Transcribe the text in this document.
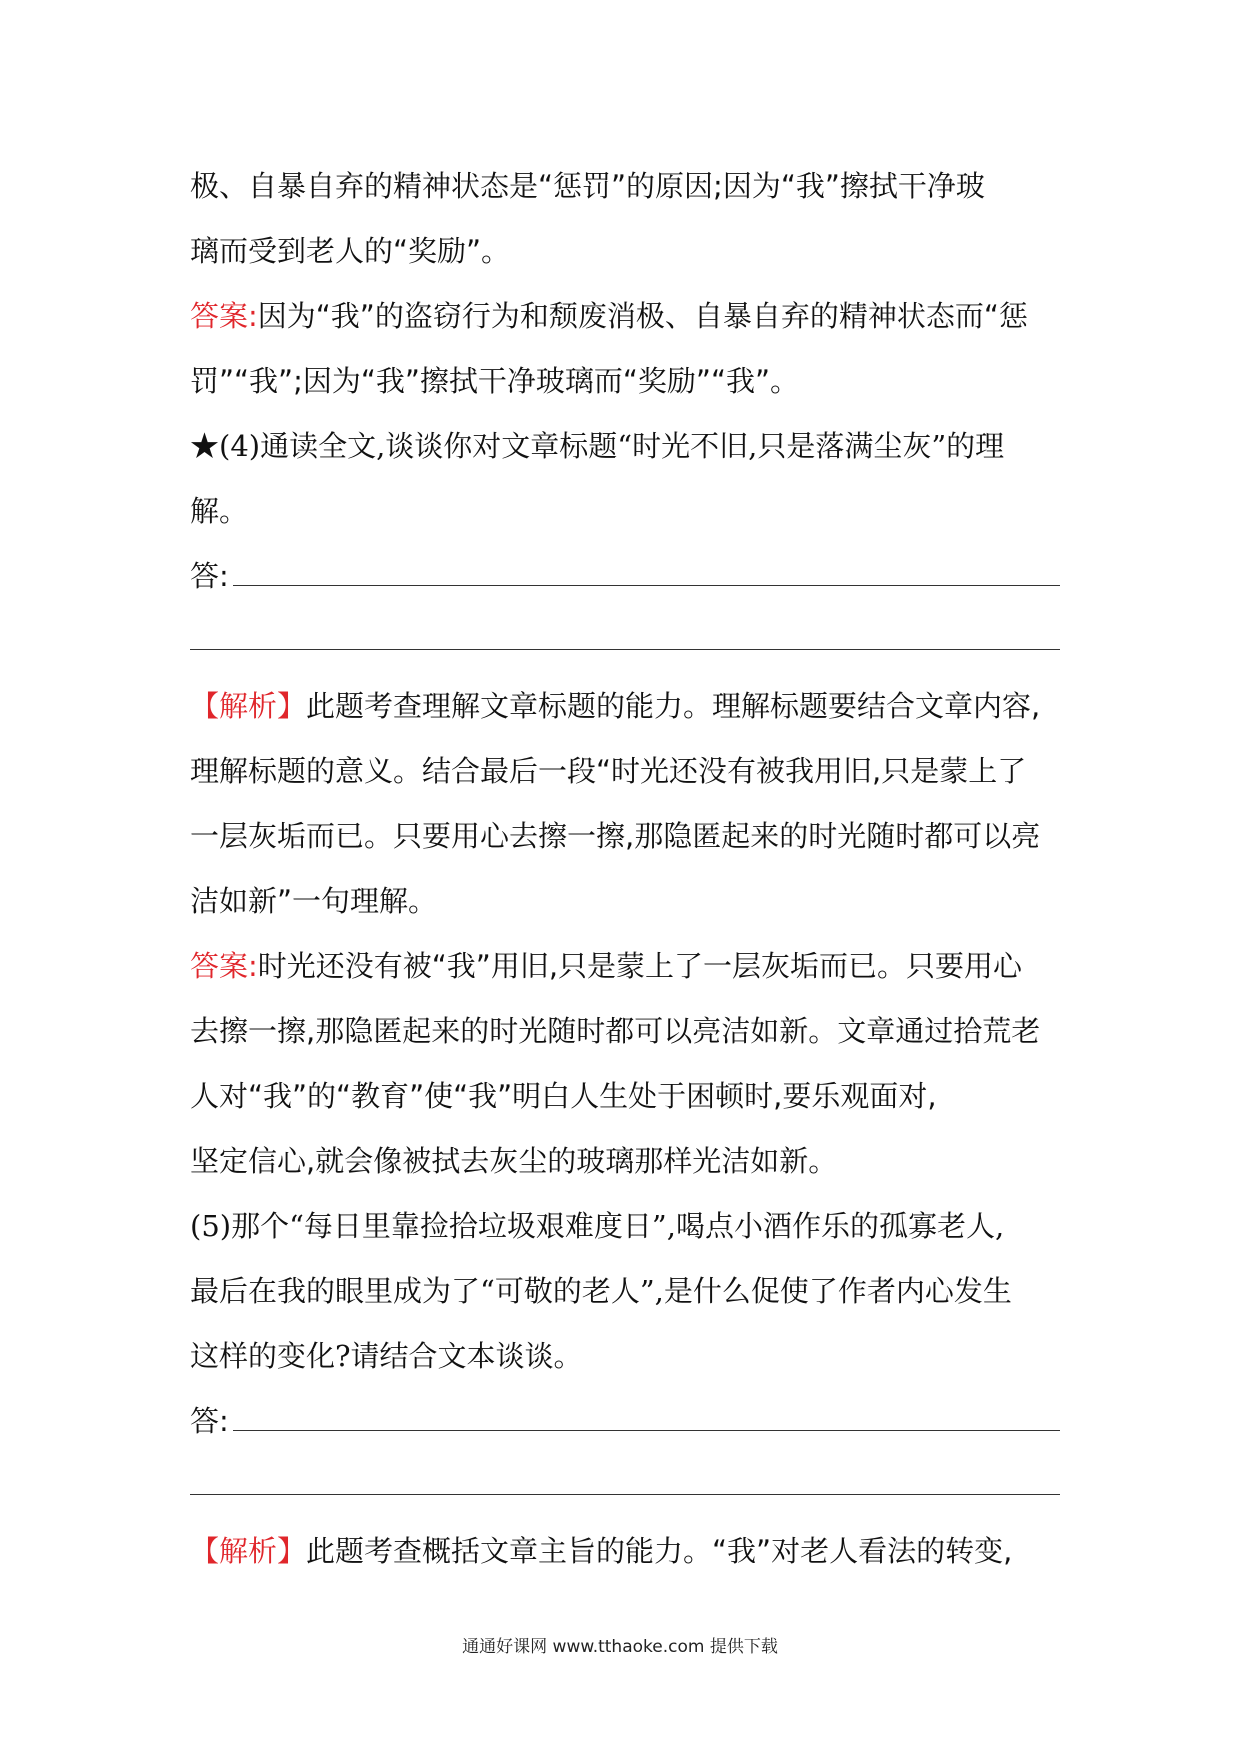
极、自暴自弃的精神状态是“惩罚”的原因;因为“我”擦拭干净玻
璃而受到老人的“奖励”。
答案:因为“我”的盗窃行为和颓废消极、自暴自弃的精神状态而“惩
罚”“我”;因为“我”擦拭干净玻璃而“奖励”“我”。
★(4)通读全文,谈谈你对文章标题“时光不旧,只是落满尘灰”的理
解。
答:
【解析】此题考查理解文章标题的能力。理解标题要结合文章内容,
理解标题的意义。结合最后一段“时光还没有被我用旧,只是蒙上了
一层灰垢而已。只要用心去擦一擦,那隐匿起来的时光随时都可以亮
洁如新”一句理解。
答案:时光还没有被“我”用旧,只是蒙上了一层灰垢而已。只要用心
去擦一擦,那隐匿起来的时光随时都可以亮洁如新。文章通过拾荒老
人对“我”的“教育”使“我”明白人生处于困顿时,要乐观面对,
坚定信心,就会像被拭去灰尘的玻璃那样光洁如新。
(5)那个“每日里靠捡拾垃圾艰难度日”,喝点小酒作乐的孤寡老人,
最后在我的眼里成为了“可敬的老人”,是什么促使了作者内心发生
这样的变化?请结合文本谈谈。
答:
【解析】此题考查概括文章主旨的能力。“我”对老人看法的转变,
通通好课网 www.tthaoke.com 提供下载
